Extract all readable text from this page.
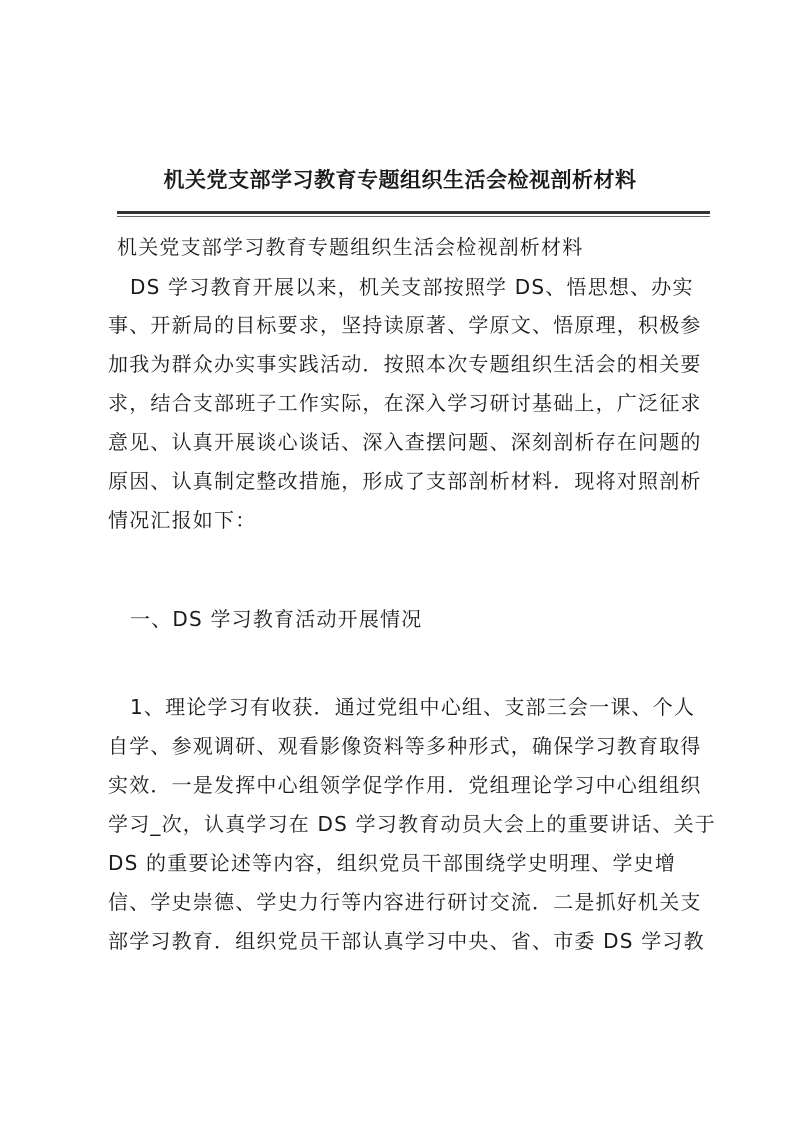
机关党支部学习教育专题组织生活会检视剖析材料

机关党支部学习教育专题组织生活会检视剖析材料

DS 学习教育开展以来，机关支部按照学 DS、悟思想、办实

事、开新局的目标要求，坚持读原著、学原文、悟原理，积极参

加我为群众办实事实践活动．按照本次专题组织生活会的相关要

求，结合支部班子工作实际，在深入学习研讨基础上，广泛征求

意见、认真开展谈心谈话、深入查摆问题、深刻剖析存在问题的

原因、认真制定整改措施，形成了支部剖析材料．现将对照剖析

情况汇报如下：

一、DS 学习教育活动开展情况

1、理论学习有收获．通过党组中心组、支部三会一课、个人

自学、参观调研、观看影像资料等多种形式，确保学习教育取得

实效．一是发挥中心组领学促学作用．党组理论学习中心组组织

学习_次，认真学习在 DS 学习教育动员大会上的重要讲话、关于

DS 的重要论述等内容，组织党员干部围绕学史明理、学史增

信、学史崇德、学史力行等内容进行研讨交流．二是抓好机关支

部学习教育．组织党员干部认真学习中央、省、市委 DS 学习教
